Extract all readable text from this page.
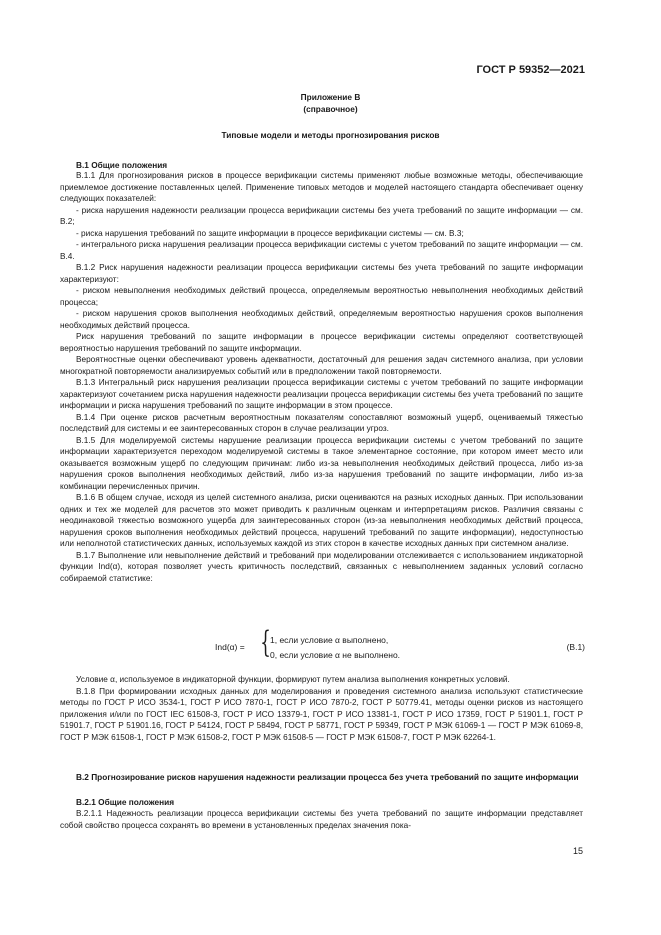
ГОСТ Р 59352—2021
Приложение В
(справочное)
Типовые модели и методы прогнозирования рисков
В.1 Общие положения

В.1.1 Для прогнозирования рисков в процессе верификации системы применяют любые возможные методы, обеспечивающие приемлемое достижение поставленных целей. Применение типовых методов и моделей настоящего стандарта обеспечивает оценку следующих показателей:

- риска нарушения надежности реализации процесса верификации системы без учета требований по защите информации — см. В.2;

- риска нарушения требований по защите информации в процессе верификации системы — см. В.3;

- интегрального риска нарушения реализации процесса верификации системы с учетом требований по защите информации — см. В.4.

В.1.2 Риск нарушения надежности реализации процесса верификации системы без учета требований по защите информации характеризуют:

- риском невыполнения необходимых действий процесса, определяемым вероятностью невыполнения необходимых действий процесса;

- риском нарушения сроков выполнения необходимых действий, определяемым вероятностью нарушения сроков выполнения необходимых действий процесса.

Риск нарушения требований по защите информации в процессе верификации системы определяют соответствующей вероятностью нарушения требований по защите информации.

Вероятностные оценки обеспечивают уровень адекватности, достаточный для решения задач системного анализа, при условии многократной повторяемости анализируемых событий или в предположении такой повторяемости.

В.1.3 Интегральный риск нарушения реализации процесса верификации системы с учетом требований по защите информации характеризуют сочетанием риска нарушения надежности реализации процесса верификации системы без учета требований по защите информации и риска нарушения требований по защите информации в этом процессе.

В.1.4 При оценке рисков расчетным вероятностным показателям сопоставляют возможный ущерб, оцениваемый тяжестью последствий для системы и ее заинтересованных сторон в случае реализации угроз.

В.1.5 Для моделируемой системы нарушение реализации процесса верификации системы с учетом требований по защите информации характеризуется переходом моделируемой системы в такое элементарное состояние, при котором имеет место или оказывается возможным ущерб по следующим причинам: либо из-за невыполнения необходимых действий процесса, либо из-за нарушения сроков выполнения необходимых действий, либо из-за нарушения требований по защите информации, либо из-за комбинации перечисленных причин.

В.1.6 В общем случае, исходя из целей системного анализа, риски оцениваются на разных исходных данных. При использовании одних и тех же моделей для расчетов это может приводить к различным оценкам и интерпретациям рисков. Различия связаны с неодинаковой тяжестью возможного ущерба для заинтересованных сторон (из-за невыполнения необходимых действий процесса, нарушения сроков выполнения необходимых действий процесса, нарушений требований по защите информации), недоступностью или неполнотой статистических данных, используемых каждой из этих сторон в качестве исходных данных при системном анализе.

В.1.7 Выполнение или невыполнение действий и требований при моделировании отслеживается с использованием индикаторной функции Ind(α), которая позволяет учесть критичность последствий, связанных с невыполнением заданных условий согласно собираемой статистике:

Ind(α) = { 1, если условие α выполнено,
0, если условие α не выполнено.
(В.1)

Условие α, используемое в индикаторной функции, формируют путем анализа выполнения конкретных условий.

В.1.8 При формировании исходных данных для моделирования и проведения системного анализа используют статистические методы по ГОСТ Р ИСО 3534-1, ГОСТ Р ИСО 7870-1, ГОСТ Р ИСО 7870-2, ГОСТ Р 50779.41, методы оценки рисков из настоящего приложения и/или по ГОСТ IEC 61508-3, ГОСТ Р ИСО 13379-1, ГОСТ Р ИСО 13381-1, ГОСТ Р ИСО 17359, ГОСТ Р 51901.1, ГОСТ Р 51901.7, ГОСТ Р 51901.16, ГОСТ Р 54124, ГОСТ Р 58494, ГОСТ Р 58771, ГОСТ Р 59349, ГОСТ Р МЭК 61069-1 — ГОСТ Р МЭК 61069-8, ГОСТ Р МЭК 61508-1, ГОСТ Р МЭК 61508-2, ГОСТ Р МЭК 61508-5 — ГОСТ Р МЭК 61508-7, ГОСТ Р МЭК 62264-1.

В.2 Прогнозирование рисков нарушения надежности реализации процесса без учета требований по защите информации
В.2.1 Общие положения

В.2.1.1 Надежность реализации процесса верификации системы без учета требований по защите информации представляет собой свойство процесса сохранять во времени в установленных пределах значения пока-

15
